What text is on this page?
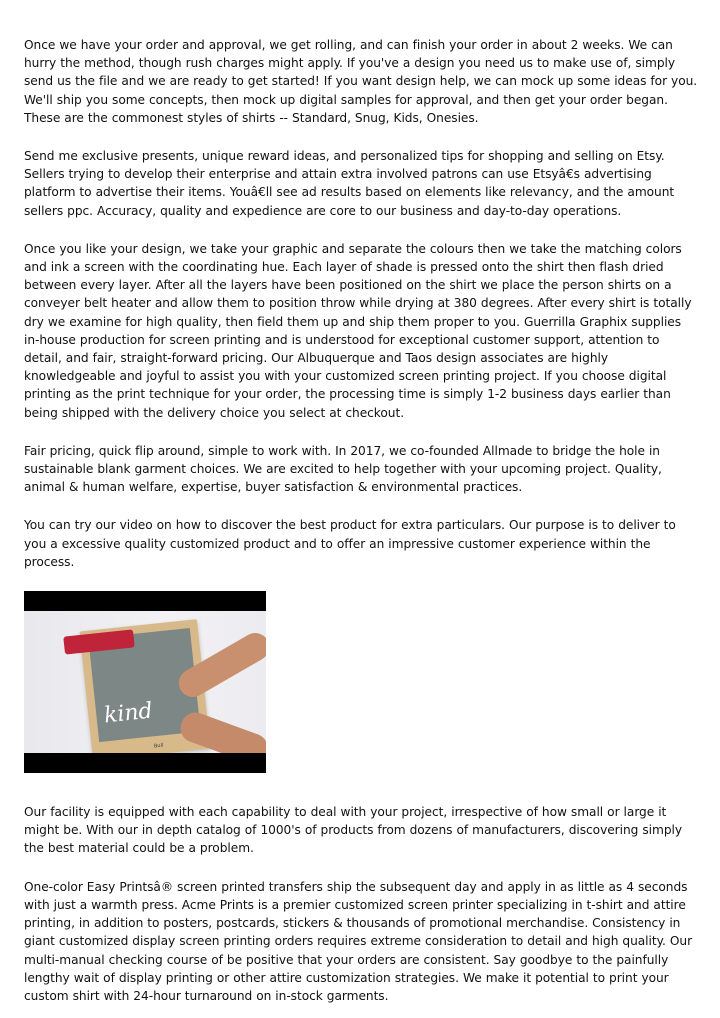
Once we have your order and approval, we get rolling, and can finish your order in about 2 weeks. We can hurry the method, though rush charges might apply. If you've a design you need us to make use of, simply send us the file and we are ready to get started! If you want design help, we can mock up some ideas for you. We'll ship you some concepts, then mock up digital samples for approval, and then get your order began. These are the commonest styles of shirts -- Standard, Snug, Kids, Onesies.

Send me exclusive presents, unique reward ideas, and personalized tips for shopping and selling on Etsy. Sellers trying to develop their enterprise and attain extra involved patrons can use Etsyâ€s advertising platform to advertise their items. Youâ€ll see ad results based on elements like relevancy, and the amount sellers ppc. Accuracy, quality and expedience are core to our business and day-to-day operations.

Once you like your design, we take your graphic and separate the colours then we take the matching colors and ink a screen with the coordinating hue. Each layer of shade is pressed onto the shirt then flash dried between every layer. After all the layers have been positioned on the shirt we place the person shirts on a conveyer belt heater and allow them to position throw while drying at 380 degrees. After every shirt is totally dry we examine for high quality, then field them up and ship them proper to you. Guerrilla Graphix supplies in-house production for screen printing and is understood for exceptional customer support, attention to detail, and fair, straight-forward pricing. Our Albuquerque and Taos design associates are highly knowledgeable and joyful to assist you with your customized screen printing project. If you choose digital printing as the print technique for your order, the processing time is simply 1-2 business days earlier than being shipped with the delivery choice you select at checkout.

Fair pricing, quick flip around, simple to work with. In 2017, we co-founded Allmade to bridge the hole in sustainable blank garment choices. We are excited to help together with your upcoming project. Quality, animal & human welfare, expertise, buyer satisfaction & environmental practices.

You can try our video on how to discover the best product for extra particulars. Our purpose is to deliver to you a excessive quality customized product and to offer an impressive customer experience within the process.

kind
Bull

Our facility is equipped with each capability to deal with your project, irrespective of how small or large it might be. With our in depth catalog of 1000's of products from dozens of manufacturers, discovering simply the best material could be a problem.

One-color Easy Printsâ® screen printed transfers ship the subsequent day and apply in as little as 4 seconds with just a warmth press. Acme Prints is a premier customized screen printer specializing in t-shirt and attire printing, in addition to posters, postcards, stickers & thousands of promotional merchandise. Consistency in giant customized display screen printing orders requires extreme consideration to detail and high quality. Our multi-manual checking course of be positive that your orders are consistent. Say goodbye to the painfully lengthy wait of display printing or other attire customization strategies. We make it potential to print your custom shirt with 24-hour turnaround on in-stock garments.
